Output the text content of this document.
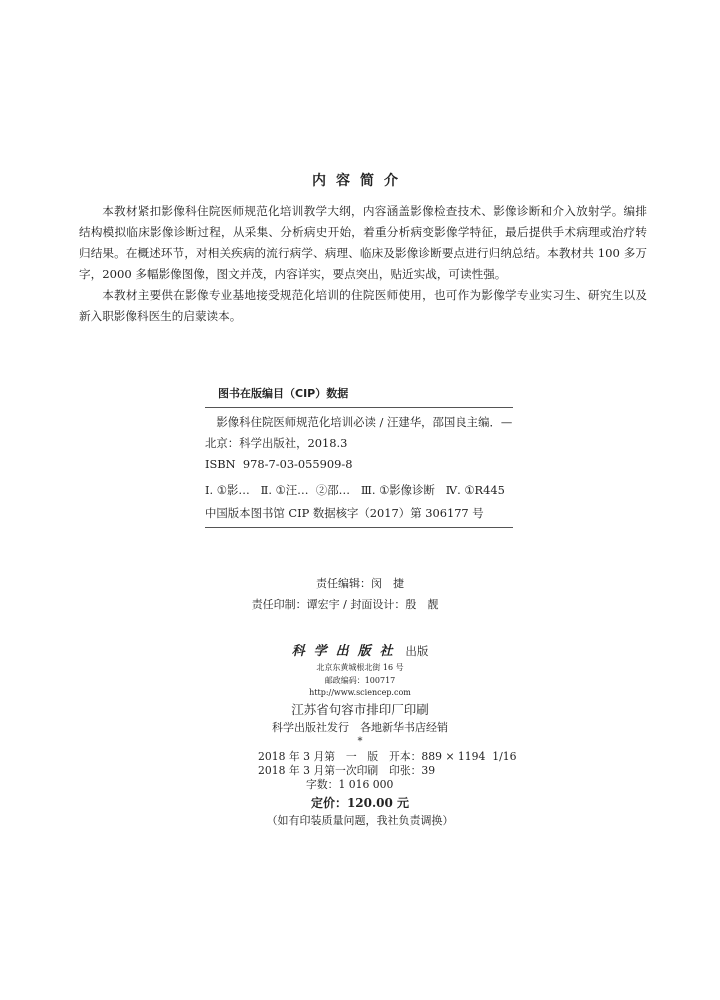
内容简介

本教材紧扣影像科住院医师规范化培训教学大纲，内容涵盖影像检查技术、影像诊断和介入放射学。编排结构模拟临床影像诊断过程，从采集、分析病史开始，着重分析病变影像学特征，最后提供手术病理或治疗转归结果。在概述环节，对相关疾病的流行病学、病理、临床及影像诊断要点进行归纳总结。本教材共 100 多万字，2000 多幅影像图像，图文并茂，内容详实，要点突出，贴近实战，可读性强。

本教材主要供在影像专业基地接受规范化培训的住院医师使用，也可作为影像学专业实习生、研究生以及新入职影像科医生的启蒙读本。

图书在版编目（CIP）数据
影像科住院医师规范化培训必读 / 汪建华，邵国良主编．—北京：科学出版社，2018.3
ISBN  978-7-03-055909-8
Ⅰ. ①影…   Ⅱ. ①汪…  ②邵…   Ⅲ. ①影像诊断   Ⅳ. ①R445
中国版本图书馆 CIP 数据核字（2017）第 306177 号
责任编辑：闵　捷
责任印制：谭宏宇 / 封面设计：殷　靓
科学出版社 出版
北京东黄城根北街 16 号
邮政编码：100717
http://www.sciencep.com
江苏省句容市排印厂印刷
科学出版社发行　各地新华书店经销
*
2018 年 3 月第　一　版　开本：889 × 1194  1/16
2018 年 3 月第一次印刷　印张：39
字数：1 016 000
定价：120.00 元
（如有印装质量问题，我社负责调换）
